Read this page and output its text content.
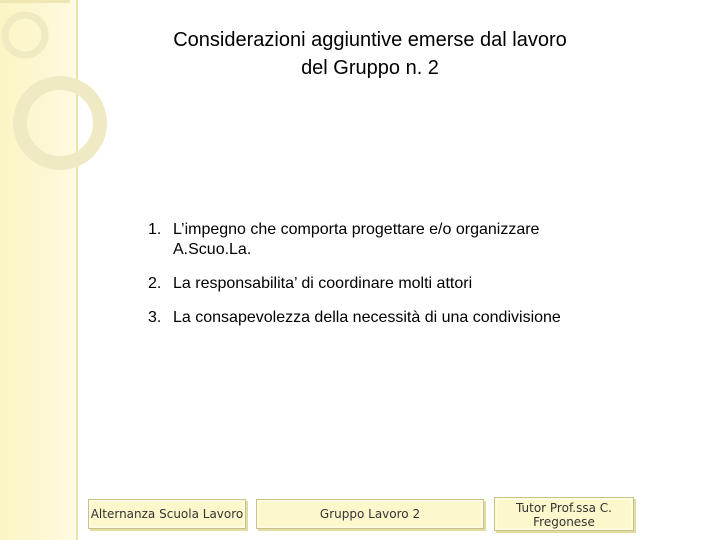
Considerazioni aggiuntive emerse dal lavoro
del Gruppo n. 2
1. L’impegno che comporta progettare e/o organizzare A.Scuo.La.
2. La responsabilita’ di coordinare molti attori
3. La consapevolezza della necessità di una condivisione
Alternanza Scuola Lavoro	Gruppo Lavoro 2	Tutor Prof.ssa C. Fregonese
